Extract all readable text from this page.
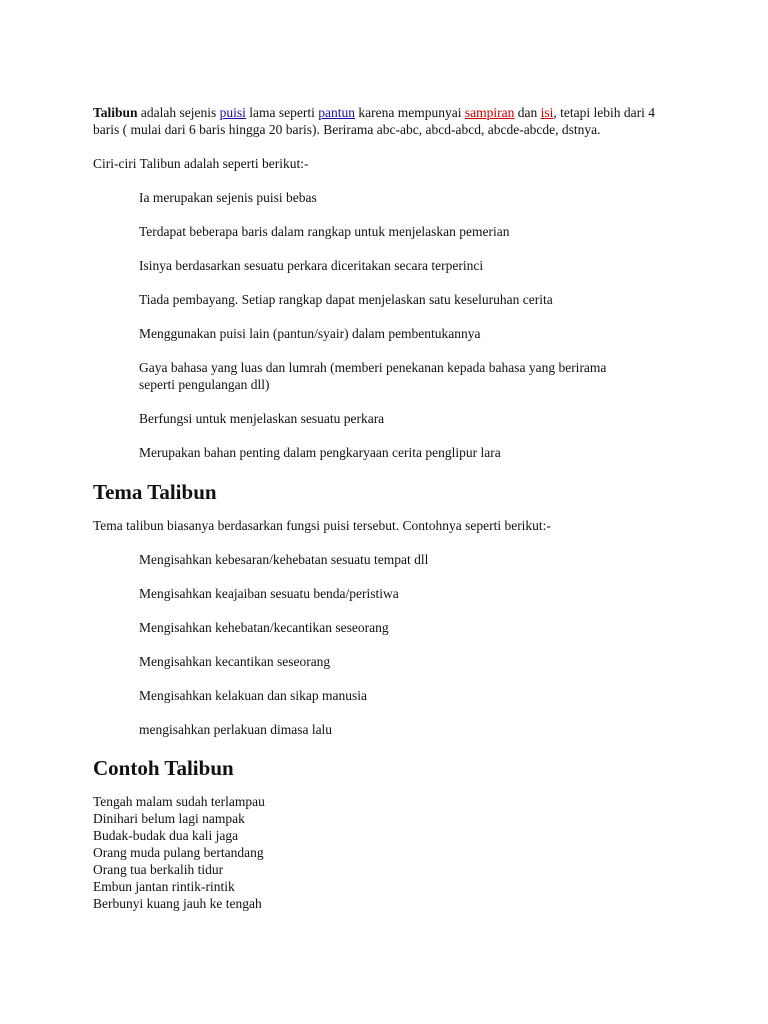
Talibun adalah sejenis puisi lama seperti pantun karena mempunyai sampiran dan isi, tetapi lebih dari 4 baris ( mulai dari 6 baris hingga 20 baris). Berirama abc-abc, abcd-abcd, abcde-abcde, dstnya.

Ciri-ciri Talibun adalah seperti berikut:-

Ia merupakan sejenis puisi bebas
Terdapat beberapa baris dalam rangkap untuk menjelaskan pemerian
Isinya berdasarkan sesuatu perkara diceritakan secara terperinci
Tiada pembayang. Setiap rangkap dapat menjelaskan satu keseluruhan cerita
Menggunakan puisi lain (pantun/syair) dalam pembentukannya
Gaya bahasa yang luas dan lumrah (memberi penekanan kepada bahasa yang berirama seperti pengulangan dll)
Berfungsi untuk menjelaskan sesuatu perkara
Merupakan bahan penting dalam pengkaryaan cerita penglipur lara
Tema Talibun

Tema talibun biasanya berdasarkan fungsi puisi tersebut. Contohnya seperti berikut:-

Mengisahkan kebesaran/kehebatan sesuatu tempat dll
Mengisahkan keajaiban sesuatu benda/peristiwa
Mengisahkan kehebatan/kecantikan seseorang
Mengisahkan kecantikan seseorang
Mengisahkan kelakuan dan sikap manusia
mengisahkan perlakuan dimasa lalu
Contoh Talibun

Tengah malam sudah terlampau

Dinihari belum lagi nampak

Budak-budak dua kali jaga

Orang muda pulang bertandang

Orang tua berkalih tidur

Embun jantan rintik-rintik

Berbunyi kuang jauh ke tengah
